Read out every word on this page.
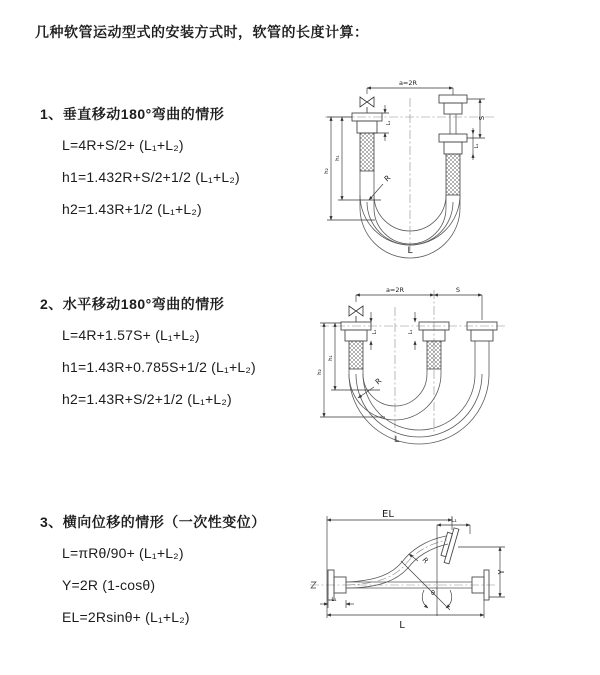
几种软管运动型式的安装方式时，软管的长度计算：
1、垂直移动180°弯曲的情形
L=4R+S/2+ (L₁+L₂)
h1=1.432R+S/2+1/2 (L₁+L₂)
h2=1.43R+1/2 (L₁+L₂)
2、水平移动180°弯曲的情形
L=4R+1.57S+ (L₁+L₂)
h1=1.43R+0.785S+1/2 (L₁+L₂)
h2=1.43R+S/2+1/2 (L₁+L₂)
3、横向位移的情形（一次性变位）
L=πRθ/90+ (L₁+L₂)
Y=2R (1-cosθ)
EL=2Rsinθ+ (L₁+L₂)
a=2R
S
L₁
L₁
h₁
h₂
R
L
a=2R	S
L₁	L₁
h₁
h₂
R
L
EL
L₁
θ
R
Y
L₁
L
